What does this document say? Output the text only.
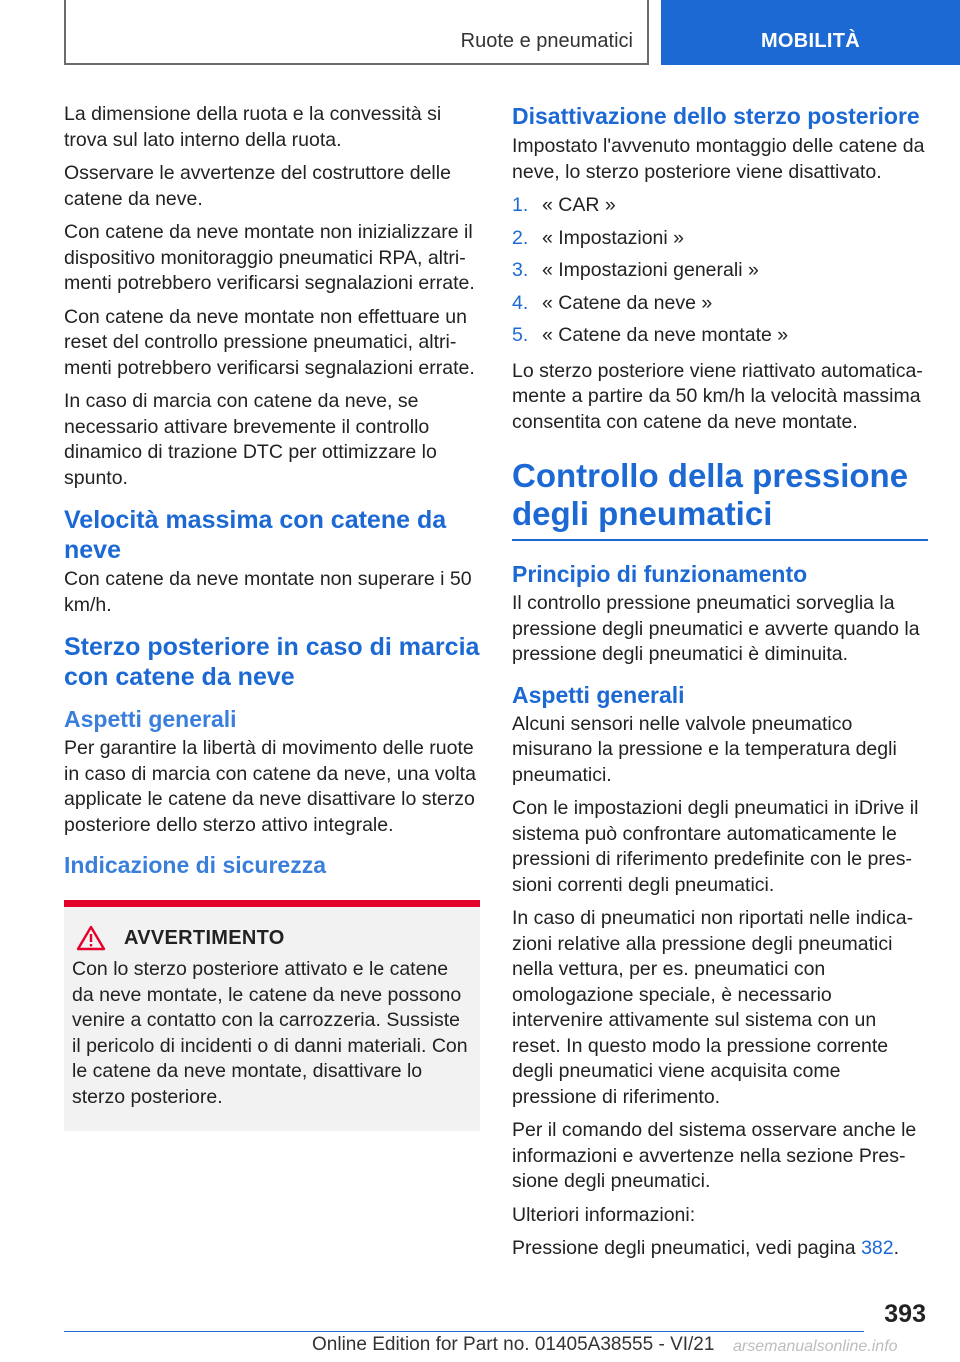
Ruote e pneumatici	MOBILITÀ

La dimensione della ruota e la convessità si trova sul lato interno della ruota.

Osservare le avvertenze del costruttore delle catene da neve.

Con catene da neve montate non inizializzare il dispositivo monitoraggio pneumatici RPA, altrimenti potrebbero verificarsi segnalazioni errate.

Con catene da neve montate non effettuare un reset del controllo pressione pneumatici, altrimenti potrebbero verificarsi segnalazioni errate.

In caso di marcia con catene da neve, se necessario attivare brevemente il controllo dinamico di trazione DTC per ottimizzare lo spunto.

Velocità massima con catene da neve

Con catene da neve montate non superare i 50 km/h.

Sterzo posteriore in caso di marcia con catene da neve
Aspetti generali

Per garantire la libertà di movimento delle ruote in caso di marcia con catene da neve, una volta applicate le catene da neve disattivare lo sterzo posteriore dello sterzo attivo integrale.

Indicazione di sicurezza
AVVERTIMENTO

Con lo sterzo posteriore attivato e le catene da neve montate, le catene da neve possono venire a contatto con la carrozzeria. Sussiste il pericolo di incidenti o di danni materiali. Con le catene da neve montate, disattivare lo sterzo posteriore.

Disattivazione dello sterzo posteriore

Impostato l'avvenuto montaggio delle catene da neve, lo sterzo posteriore viene disattivato.

1. « CAR »
2. « Impostazioni »
3. « Impostazioni generali »
4. « Catene da neve »
5. « Catene da neve montate »

Lo sterzo posteriore viene riattivato automaticamente a partire da 50 km/h la velocità massima consentita con catene da neve montate.

Controllo della pressione degli pneumatici
Principio di funzionamento

Il controllo pressione pneumatici sorveglia la pressione degli pneumatici e avverte quando la pressione degli pneumatici è diminuita.

Aspetti generali

Alcuni sensori nelle valvole pneumatico misurano la pressione e la temperatura degli pneumatici.

Con le impostazioni degli pneumatici in iDrive il sistema può confrontare automaticamente le pressioni di riferimento predefinite con le pressioni correnti degli pneumatici.

In caso di pneumatici non riportati nelle indicazioni relative alla pressione degli pneumatici nella vettura, per es. pneumatici con omologazione speciale, è necessario intervenire attivamente sul sistema con un reset. In questo modo la pressione corrente degli pneumatici viene acquisita come pressione di riferimento.

Per il comando del sistema osservare anche le informazioni e avvertenze nella sezione Pressione degli pneumatici.

Ulteriori informazioni:

Pressione degli pneumatici, vedi pagina 382.

393
Online Edition for Part no. 01405A38555 - VI/21 arsemanualsonline.info
